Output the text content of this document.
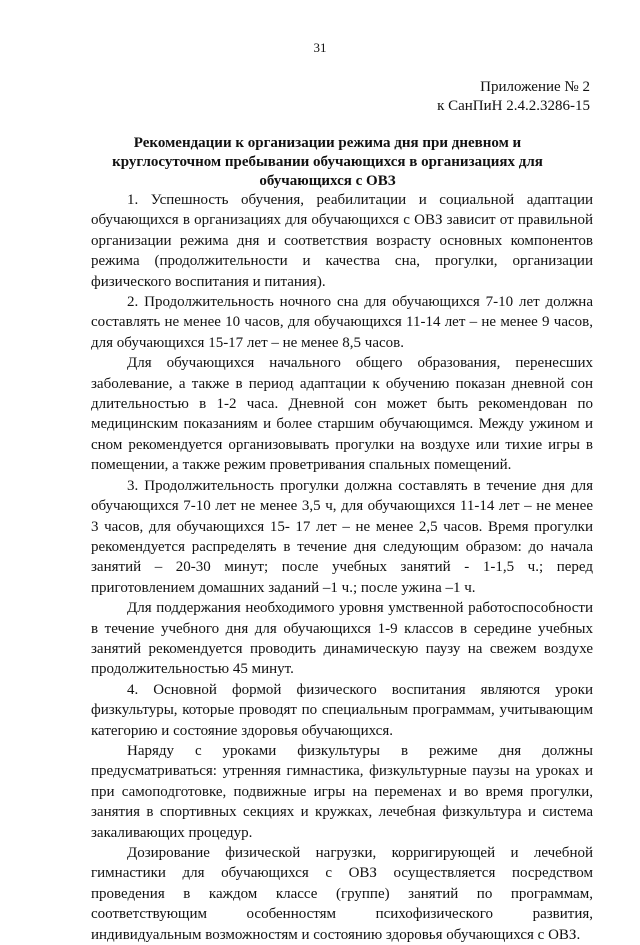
31
Приложение № 2
к СанПиН 2.4.2.3286-15
Рекомендации к организации режима дня при дневном и круглосуточном пребывании обучающихся в организациях для обучающихся с ОВЗ

1. Успешность обучения, реабилитации и социальной адаптации обучающихся в организациях для обучающихся с ОВЗ зависит от правильной организации режима дня и соответствия возрасту основных компонентов режима (продолжительности и качества сна, прогулки, организации физического воспитания и питания).

2. Продолжительность ночного сна для обучающихся 7-10 лет должна составлять не менее 10 часов, для обучающихся 11-14 лет – не менее 9 часов, для обучающихся 15-17 лет – не менее 8,5 часов.

Для обучающихся начального общего образования, перенесших заболевание, а также в период адаптации к обучению показан дневной сон длительностью в 1-2 часа. Дневной сон может быть рекомендован по медицинским показаниям и более старшим обучающимся. Между ужином и сном рекомендуется организовывать прогулки на воздухе или тихие игры в помещении, а также режим проветривания спальных помещений.

3. Продолжительность прогулки должна составлять в течение дня для обучающихся 7-10 лет не менее 3,5 ч, для обучающихся 11-14 лет – не менее 3 часов, для обучающихся 15- 17 лет – не менее 2,5 часов. Время прогулки рекомендуется распределять в течение дня следующим образом: до начала занятий – 20-30 минут; после учебных занятий - 1-1,5 ч.; перед приготовлением домашних заданий –1 ч.; после ужина –1 ч.

Для поддержания необходимого уровня умственной работоспособности в течение учебного дня для обучающихся 1-9 классов в середине учебных занятий рекомендуется проводить динамическую паузу на свежем воздухе продолжительностью 45 минут.

4. Основной формой физического воспитания являются уроки физкультуры, которые проводят по специальным программам, учитывающим категорию и состояние здоровья обучающихся.

Наряду с уроками физкультуры в режиме дня должны предусматриваться: утренняя гимнастика, физкультурные паузы на уроках и при самоподготовке, подвижные игры на переменах и во время прогулки, занятия в спортивных секциях и кружках, лечебная физкультура и система закаливающих процедур.

Дозирование физической нагрузки, корригирующей и лечебной гимнастики для обучающихся с ОВЗ осуществляется посредством проведения в каждом классе (группе) занятий по программам, соответствующим особенностям психофизического развития, индивидуальным возможностям и состоянию здоровья обучающихся с ОВЗ.
